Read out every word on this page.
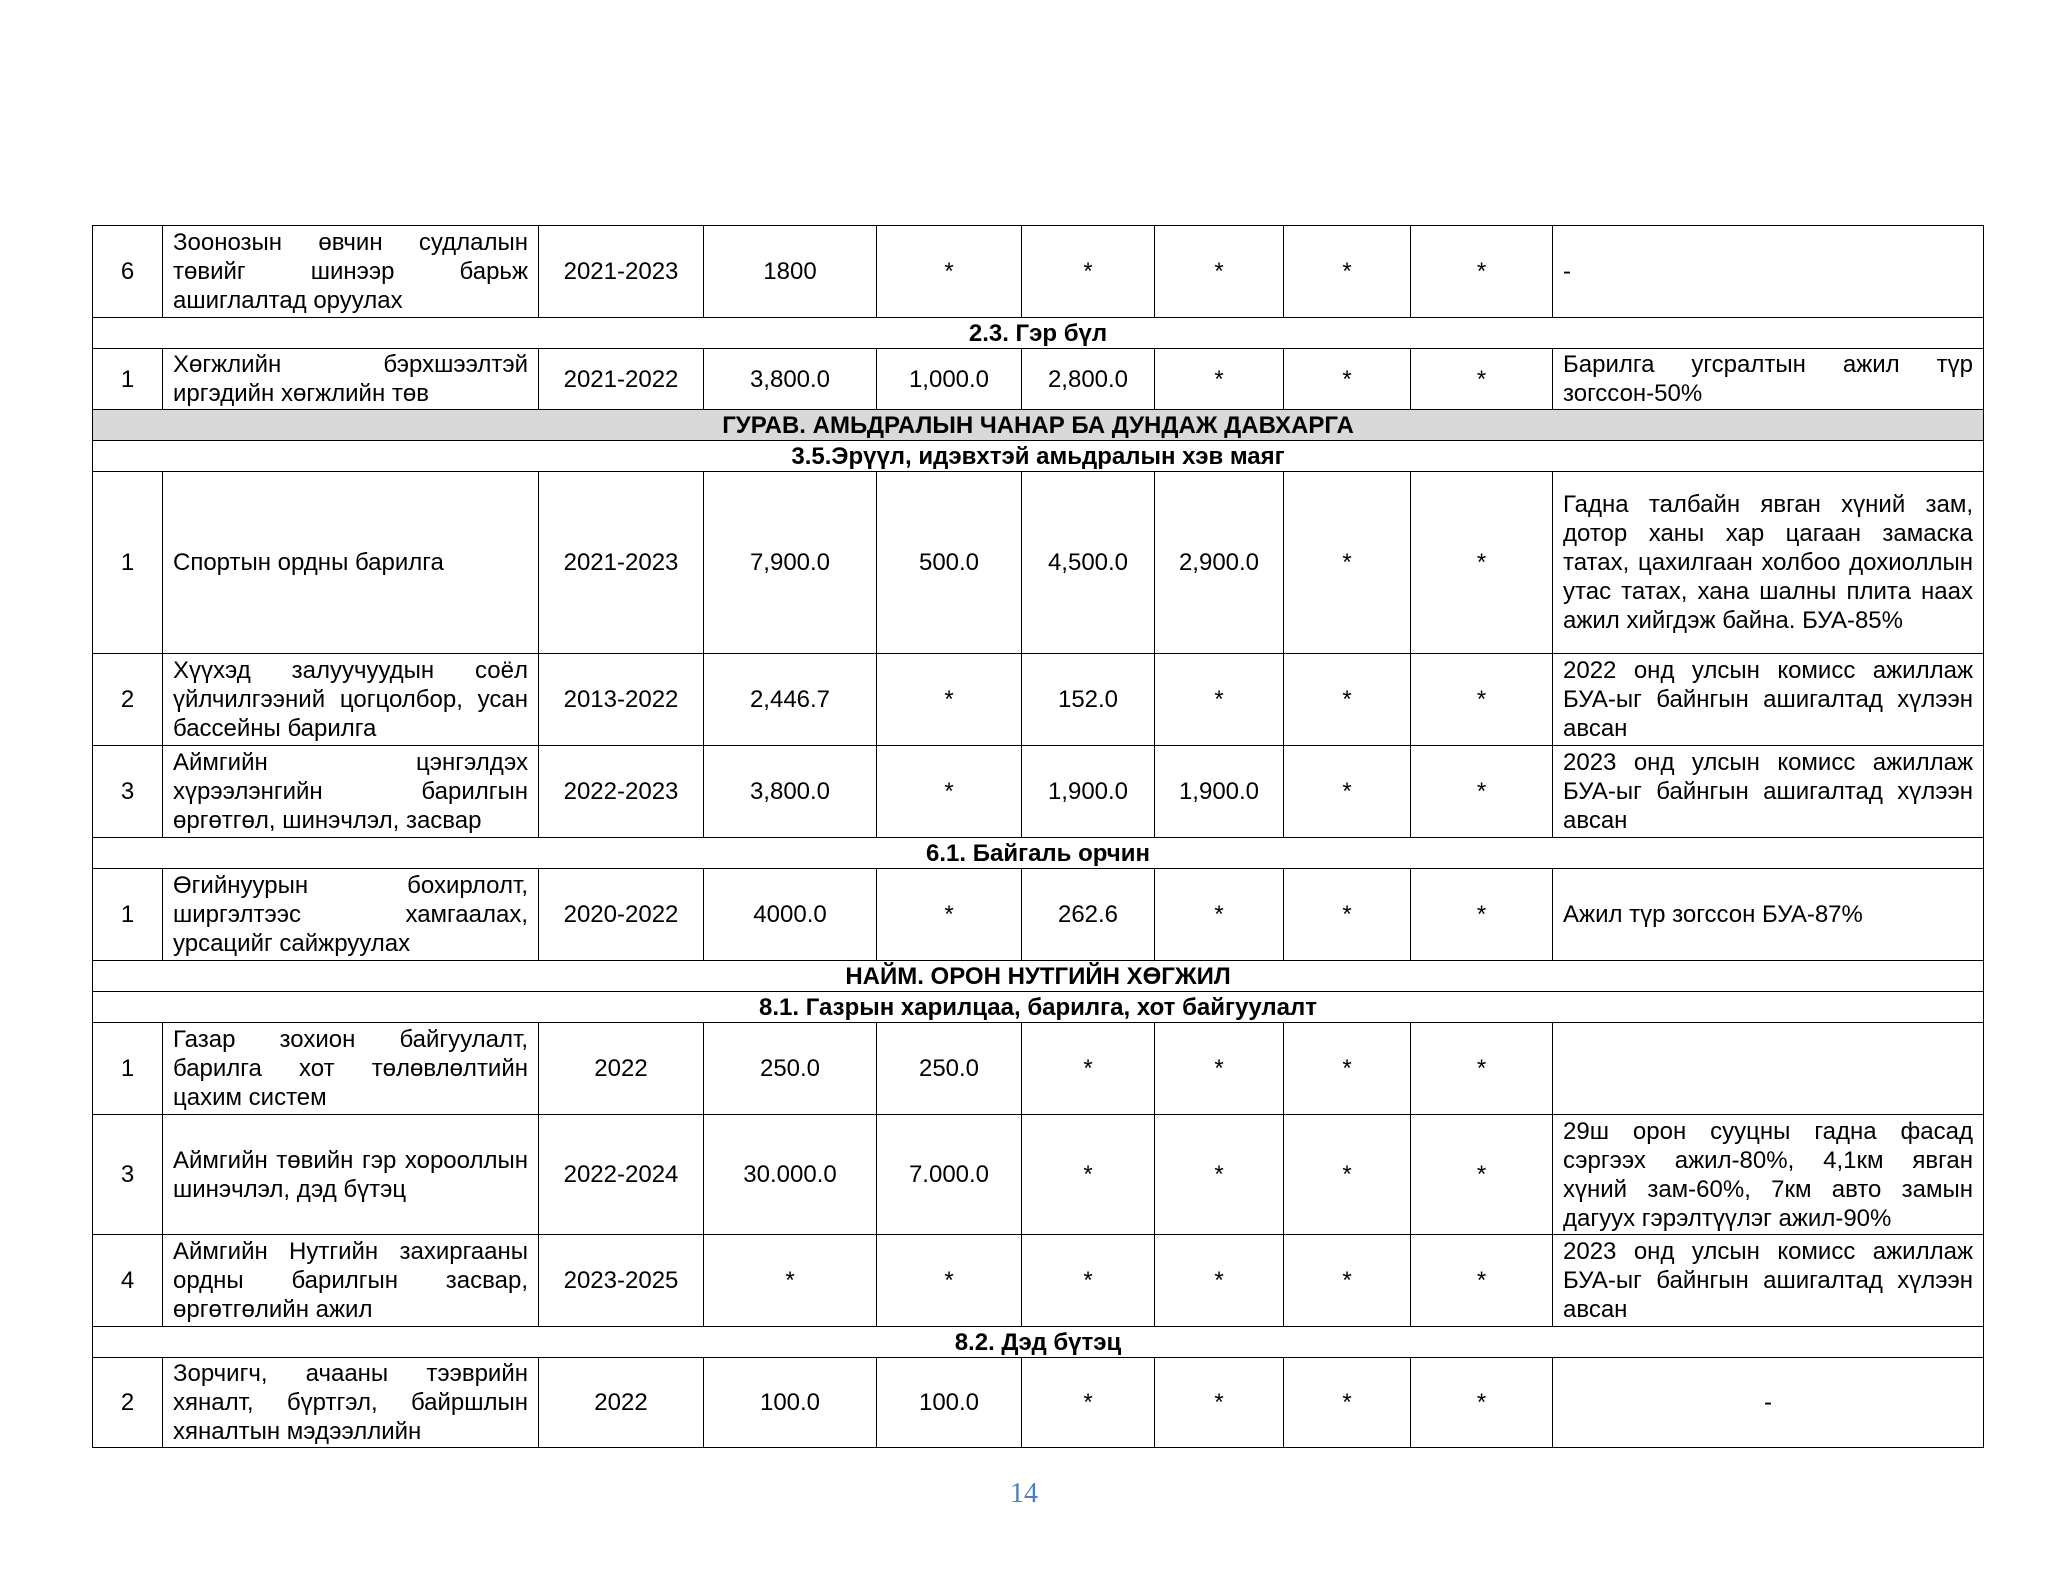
6	Зоонозын өвчин судлалын төвийг шинээр барьж ашиглалтад оруулах	2021-2023	1800	*	*	*	*	*	-
2.3. Гэр бүл									
1	Хөгжлийн бэрхшээлтэй иргэдийн хөгжлийн төв	2021-2022	3,800.0	1,000.0	2,800.0	*	*	*	Барилга угсралтын ажил түр зогссон-50%
ГУРАВ. АМЬДРАЛЫН ЧАНАР БА ДУНДАЖ ДАВХАРГА									
3.5.Эрүүл, идэвхтэй амьдралын хэв маяг									
1	Спортын ордны барилга	2021-2023	7,900.0	500.0	4,500.0	2,900.0	*	*	Гадна талбайн явган хүний зам, дотор ханы хар цагаан замаска татах, цахилгаан холбоо дохиоллын утас татах, хана шалны плита наах ажил хийгдэж байна. БУА-85%
2	Хүүхэд залуучуудын соёл үйлчилгээний цогцолбор, усан бассейны барилга	2013-2022	2,446.7	*	152.0	*	*	*	2022 онд улсын комисс ажиллаж БУА-ыг байнгын ашигалтад хүлээн авсан
3	Аймгийн цэнгэлдэх хүрээлэнгийн барилгын өргөтгөл, шинэчлэл, засвар	2022-2023	3,800.0	*	1,900.0	1,900.0	*	*	2023 онд улсын комисс ажиллаж БУА-ыг байнгын ашигалтад хүлээн авсан
6.1. Байгаль орчин									
1	Өгийнуурын бохирлолт, ширгэлтээс хамгаалах, урсацийг сайжруулах	2020-2022	4000.0	*	262.6	*	*	*	Ажил түр зогссон БУА-87%
НАЙМ. ОРОН НУТГИЙН ХӨГЖИЛ									
8.1. Газрын харилцаа, барилга, хот байгуулалт									
1	Газар зохион байгуулалт, барилга хот төлөвлөлтийн цахим систем	2022	250.0	250.0	*	*	*	*	
3	Аймгийн төвийн гэр хорооллын шинэчлэл, дэд бүтэц	2022-2024	30.000.0	7.000.0	*	*	*	*	29ш орон сууцны гадна фасад сэргээх ажил-80%, 4,1км явган хүний зам-60%, 7км авто замын дагуух гэрэлтүүлэг ажил-90%
4	Аймгийн Нутгийн захиргааны ордны барилгын засвар, өргөтгөлийн ажил	2023-2025	*	*	*	*	*	*	2023 онд улсын комисс ажиллаж БУА-ыг байнгын ашигалтад хүлээн авсан
8.2. Дэд бүтэц									
2	Зорчигч, ачааны тээврийн хяналт, бүртгэл, байршлын хяналтын мэдээллийн	2022	100.0	100.0	*	*	*	*	-
14
